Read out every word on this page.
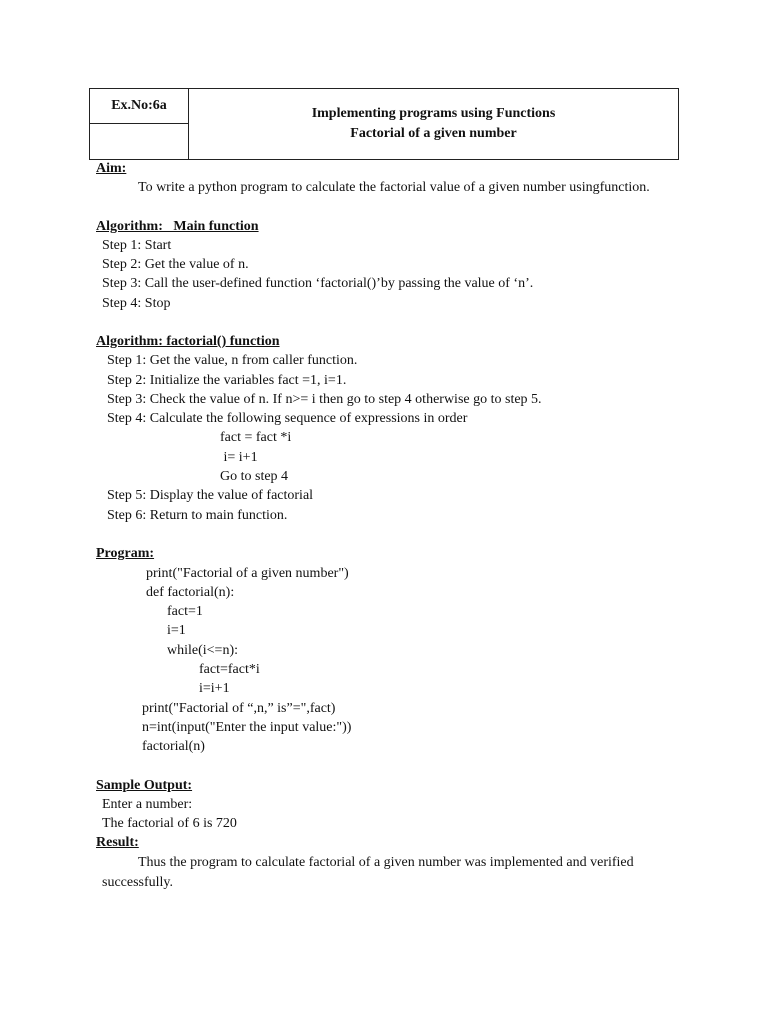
Ex.No:6a
Implementing programs using Functions
Factorial of a given number
Aim:
To write a python program to calculate the factorial value of a given number usingfunction.
Algorithm:   Main function
Step 1: Start
Step 2: Get the value of n.
Step 3: Call the user-defined function ‘factorial()’by passing the value of ‘n’.
Step 4: Stop
Algorithm: factorial() function
Step 1: Get the value, n from caller function.
Step 2: Initialize the variables fact =1, i=1.
Step 3: Check the value of n. If n>= i then go to step 4 otherwise go to step 5.
Step 4: Calculate the following sequence of expressions in order
fact = fact *i
i= i+1
Go to step 4
Step 5: Display the value of factorial
Step 6: Return to main function.
Program:
print("Factorial of a given number")
def factorial(n):
fact=1
i=1
while(i<=n):
fact=fact*i
i=i+1
print("Factorial of “,n,” is”=",fact)
n=int(input("Enter the input value:"))
factorial(n)
Sample Output:
Enter a number:
The factorial of 6 is 720
Result:
Thus the program to calculate factorial of a given number was implemented and verified
successfully.
